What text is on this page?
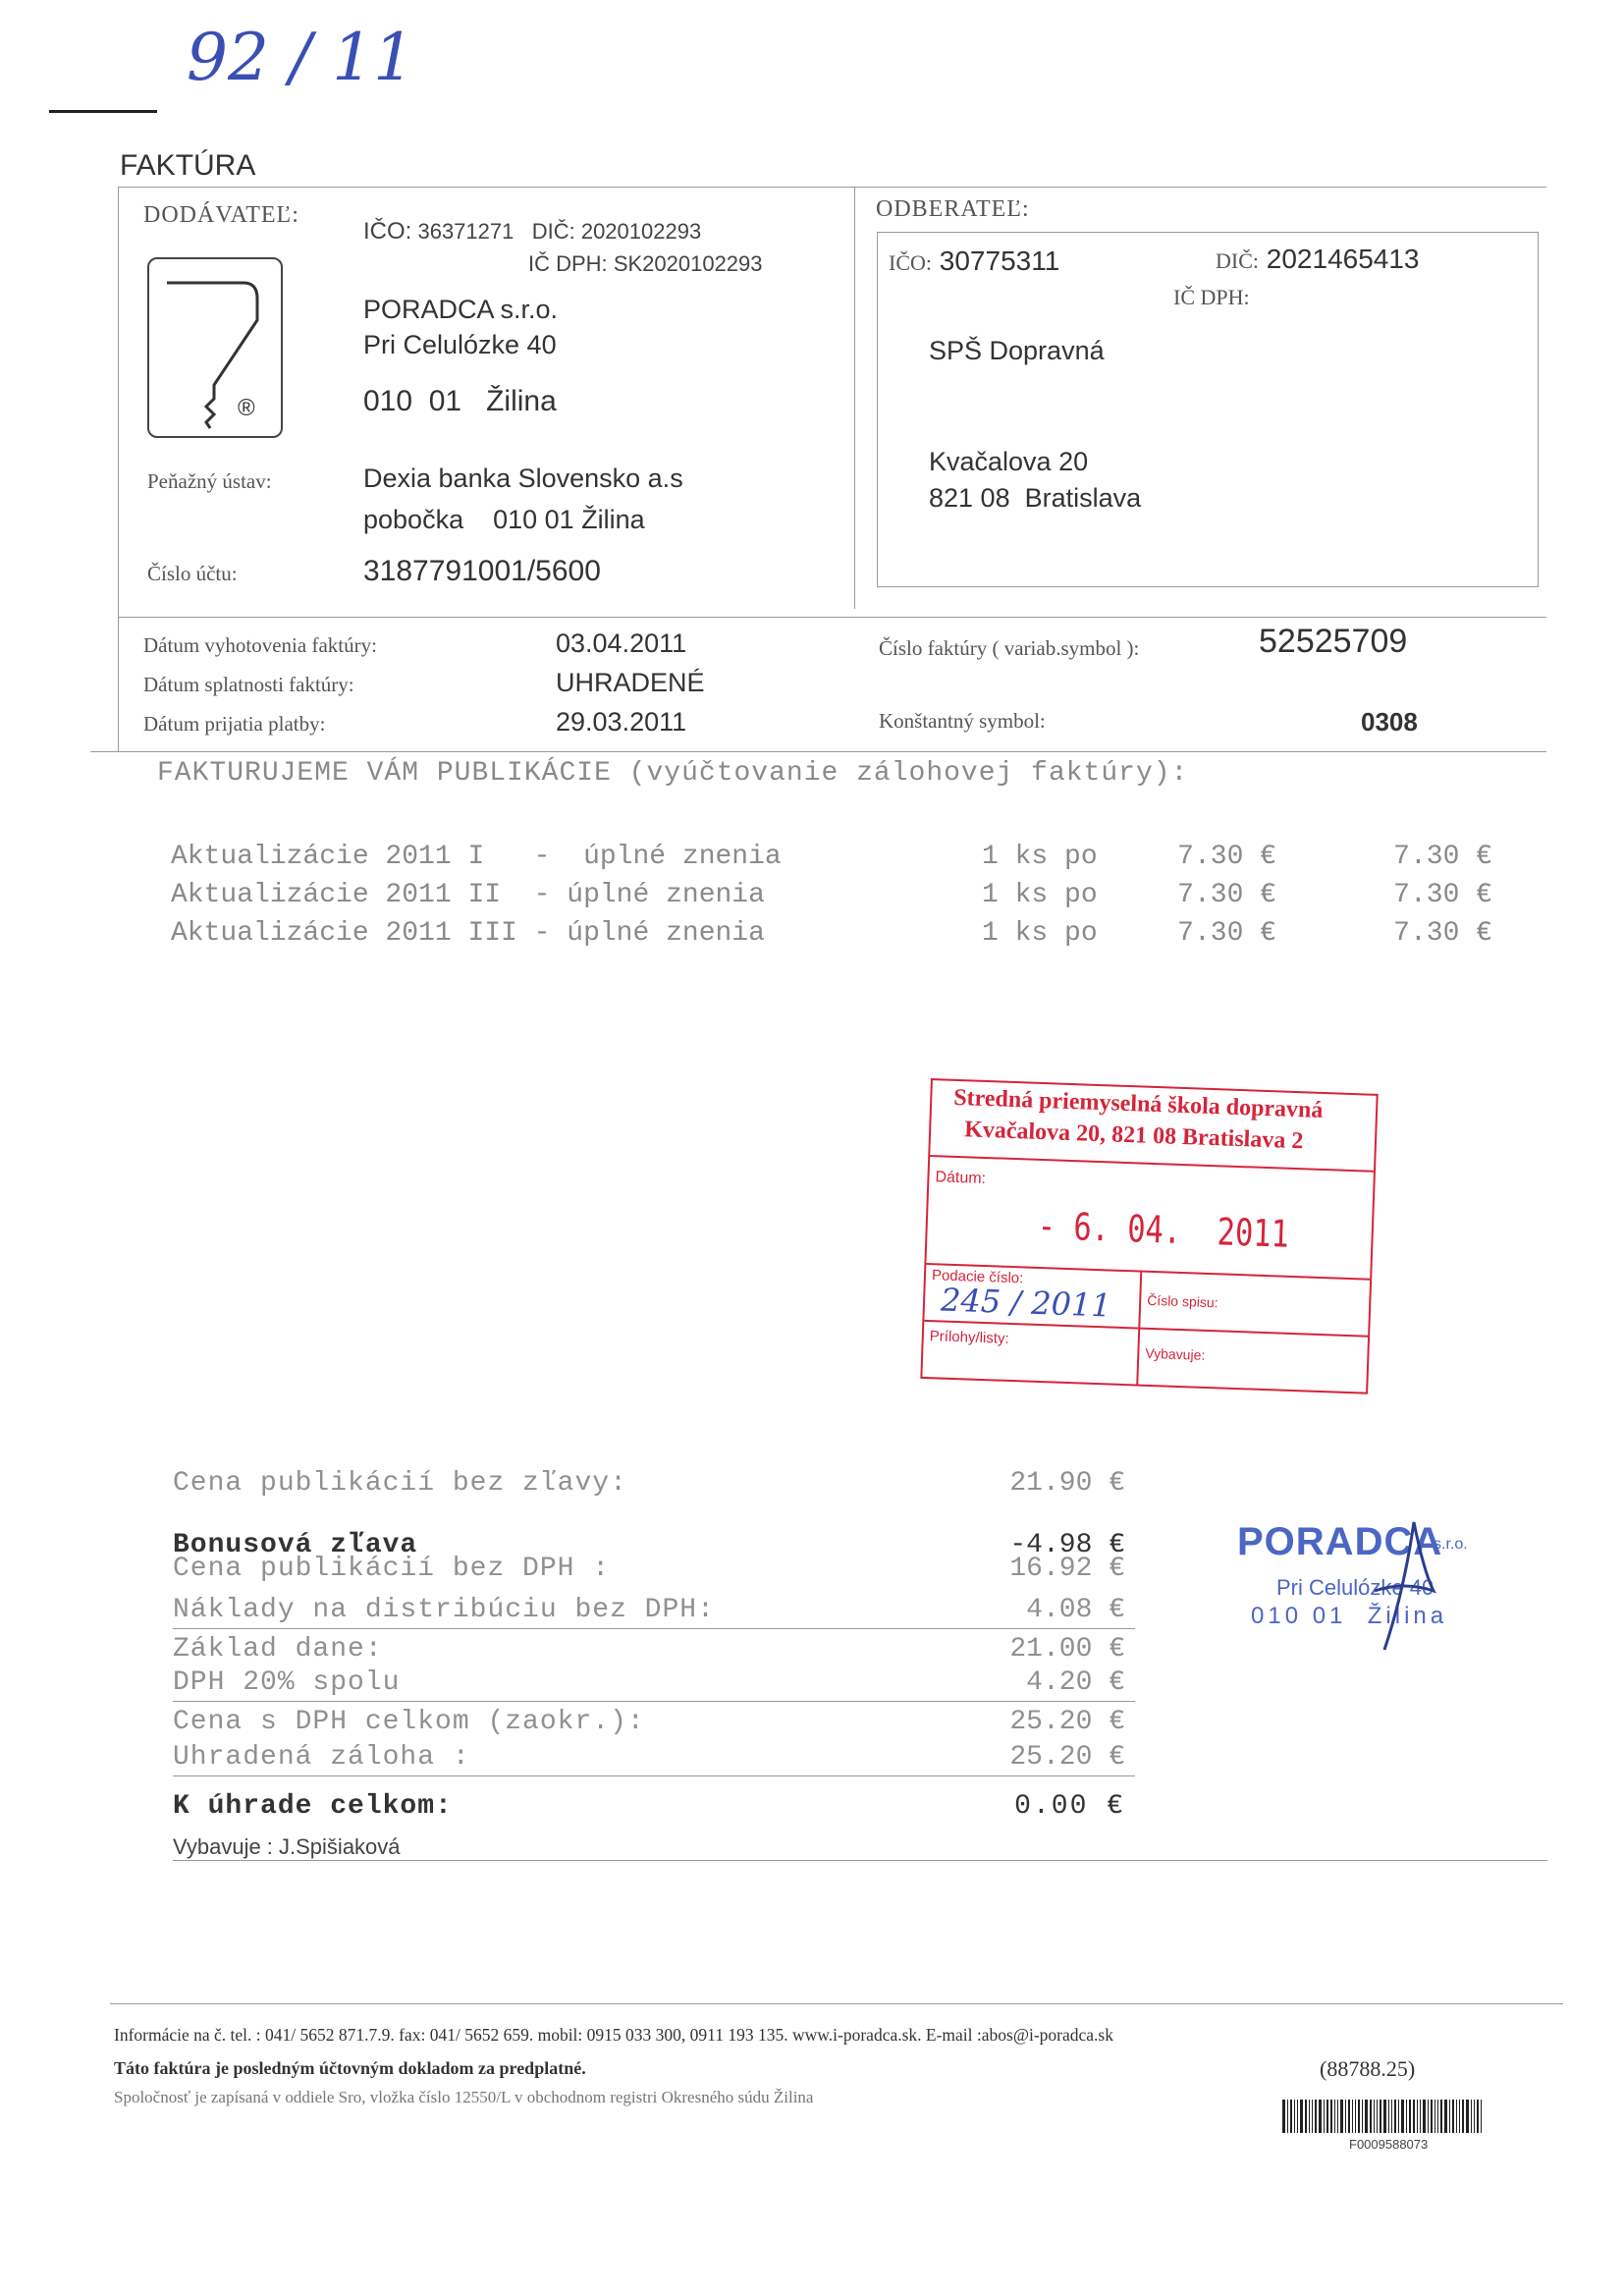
92 / 11
FAKTÚRA
DODÁVATEĽ:
IČO: 36371271 DIČ: 2020102293
IČ DPH: SK2020102293
®
PORADCA s.r.o.
Pri Celulózke 40
010  01   Žilina
Peňažný ústav:	Dexia banka Slovensko a.s
pobočka    010 01 Žilina
Číslo účtu:	3187791001/5600
ODBERATEĽ:
IČO: 30775311	DIČ: 2021465413
IČ DPH:
SPŠ Dopravná
Kvačalova 20
821 08  Bratislava
Dátum vyhotovenia faktúry:	03.04.2011
Dátum splatnosti faktúry:	UHRADENÉ
Dátum prijatia platby:	29.03.2011
Číslo faktúry ( variab.symbol ):	52525709
Konštantný symbol:	0308
FAKTURUJEME VÁM PUBLIKÁCIE (vyúčtovanie zálohovej faktúry):
Aktualizácie 2011 I   -  úplné znenia	1 ks po	7.30 €	7.30 €
Aktualizácie 2011 II  - úplné znenia	1 ks po	7.30 €	7.30 €
Aktualizácie 2011 III - úplné znenia	1 ks po	7.30 €	7.30 €
Stredná priemyselná škola dopravná
Kvačalova 20, 821 08 Bratislava 2
Dátum:
- 6. 04.  2011
Podacie číslo:
245 / 2011	Číslo spisu:
Prílohy/listy:
Vybavuje:
Cena publikácií bez zľavy:	21.90 €
Bonusová zľava	-4.98 €
Cena publikácií bez DPH :	16.92 €
Náklady na distribúciu bez DPH:	4.08 €
Základ dane:	21.00 €
DPH 20% spolu	4.20 €
Cena s DPH celkom (zaokr.):	25.20 €
Uhradená záloha :	25.20 €
K úhrade celkom:	0.00 €
Vybavuje : J.Spišiaková
PORADCA
s.r.o.
Pri Celulózke 40
010 01  Žilina
Informácie na č. tel. : 041/ 5652 871.7.9. fax: 041/ 5652 659. mobil: 0915 033 300, 0911 193 135. www.i-poradca.sk. E-mail :abos@i-poradca.sk
Táto faktúra je posledným účtovným dokladom za predplatné.
Spoločnosť je zapísaná v oddiele Sro, vložka číslo 12550/L v obchodnom registri Okresného súdu Žilina
(88788.25)
F0009588073
